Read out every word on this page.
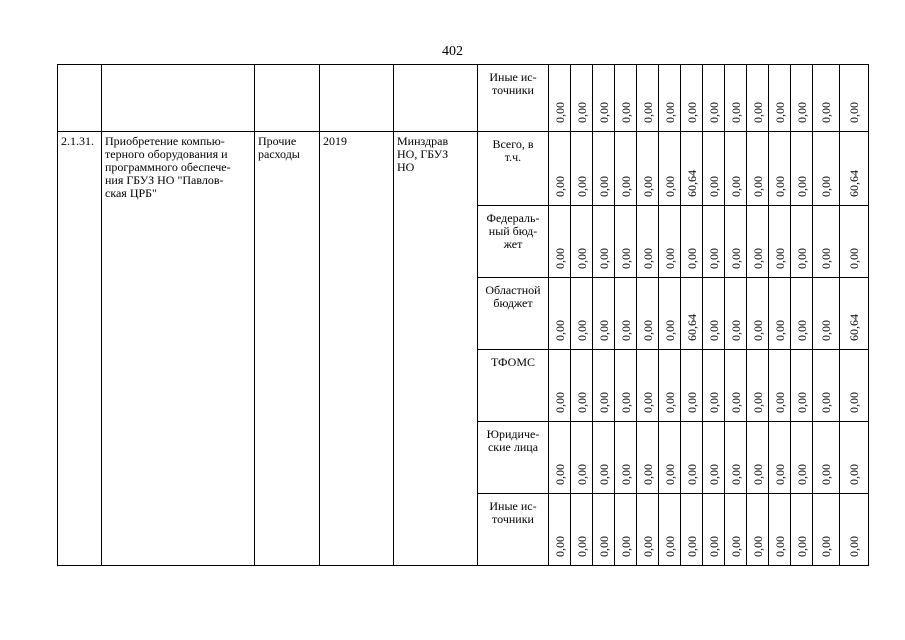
402

					Иные ис-
точники	0,00	0,00	0,00	0,00	0,00	0,00	0,00	0,00	0,00	0,00	0,00	0,00	0,00	0,00

2.1.31.	Приобретение компью-
терного оборудования и
программного обеспече-
ния ГБУЗ НО "Павлов-
ская ЦРБ"	Прочие
расходы	2019	Минздрав
НО, ГБУЗ
НО	Всего, в
т.ч.	0,00	0,00	0,00	0,00	0,00	0,00	60,64	0,00	0,00	0,00	0,00	0,00	0,00	60,64

					Федераль-
ный бюд-
жет	0,00	0,00	0,00	0,00	0,00	0,00	0,00	0,00	0,00	0,00	0,00	0,00	0,00	0,00

					Областной
бюджет	0,00	0,00	0,00	0,00	0,00	0,00	60,64	0,00	0,00	0,00	0,00	0,00	0,00	60,64

					ТФОМС	0,00	0,00	0,00	0,00	0,00	0,00	0,00	0,00	0,00	0,00	0,00	0,00	0,00	0,00

					Юридиче-
ские лица	0,00	0,00	0,00	0,00	0,00	0,00	0,00	0,00	0,00	0,00	0,00	0,00	0,00	0,00

					Иные ис-
точники	0,00	0,00	0,00	0,00	0,00	0,00	0,00	0,00	0,00	0,00	0,00	0,00	0,00	0,00
